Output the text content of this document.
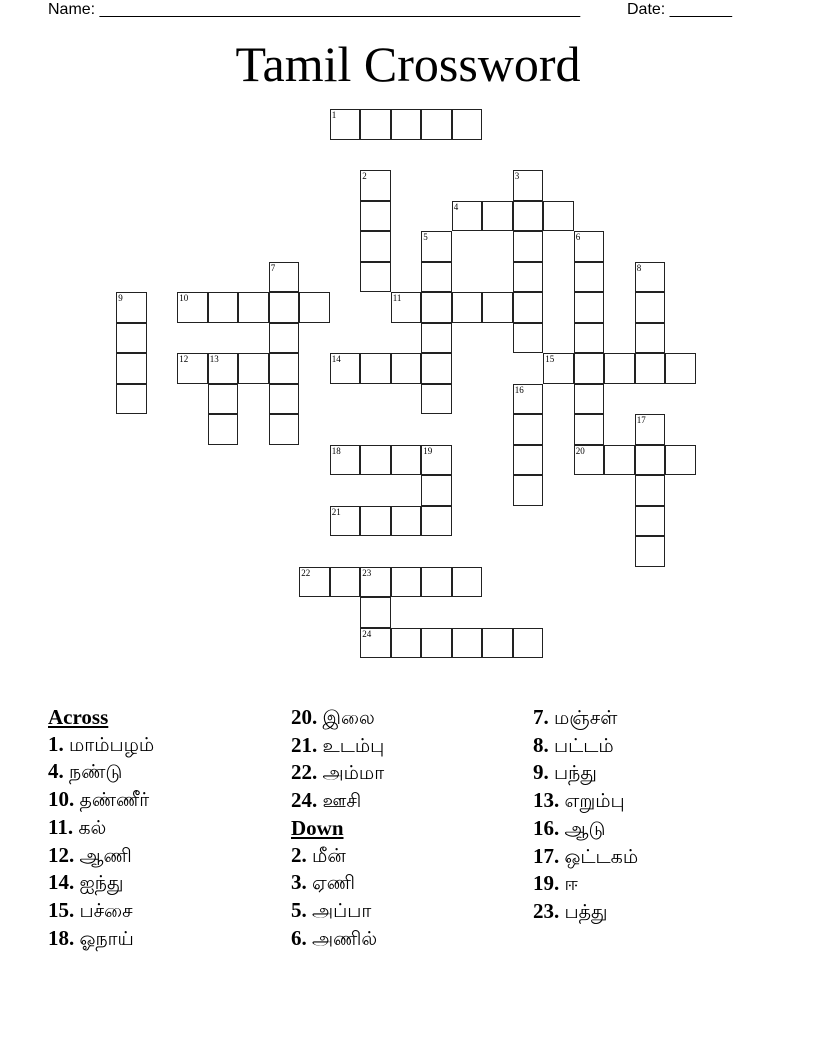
Name: ______________________________________________________	Date: _______
Tamil Crossword
1
2	3
4
5	6
7	8
9	10	11
12 13	14	15
16
17
18	19	20
21
22	23
24
Across
1. மாம்பழம்
4. நண்டு
10. தண்ணீர்
11. கல்
12. ஆணி
14. ஐந்து
15. பச்சை
18. ஓநாய்
20. இலை
21. உடம்பு
22. அம்மா
24. ஊசி
Down
2. மீன்
3. ஏணி
5. அப்பா
6. அணில்
7. மஞ்சள்
8. பட்டம்
9. பந்து
13. எறும்பு
16. ஆடு
17. ஒட்டகம்
19. ஈ
23. பத்து
